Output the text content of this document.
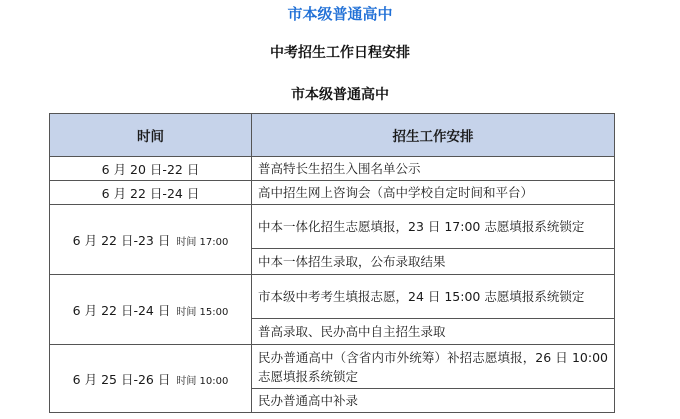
市本级普通高中
中考招生工作日程安排
市本级普通高中
时间	招生工作安排
6 月 20 日-22 日	普高特长生招生入围名单公示
6 月 22 日-24 日	高中招生网上咨询会（高中学校自定时间和平台）
6 月 22 日-23 日 时间 17:00	中本一体化招生志愿填报，23 日 17:00 志愿填报系统锁定
	中本一体招生录取，公布录取结果
6 月 22 日-24 日 时间 15:00	市本级中考考生填报志愿，24 日 15:00 志愿填报系统锁定
	普高录取、民办高中自主招生录取
6 月 25 日-26 日 时间 10:00	民办普通高中（含省内市外统筹）补招志愿填报，26 日 10:00 志愿填报系统锁定
	民办普通高中补录
